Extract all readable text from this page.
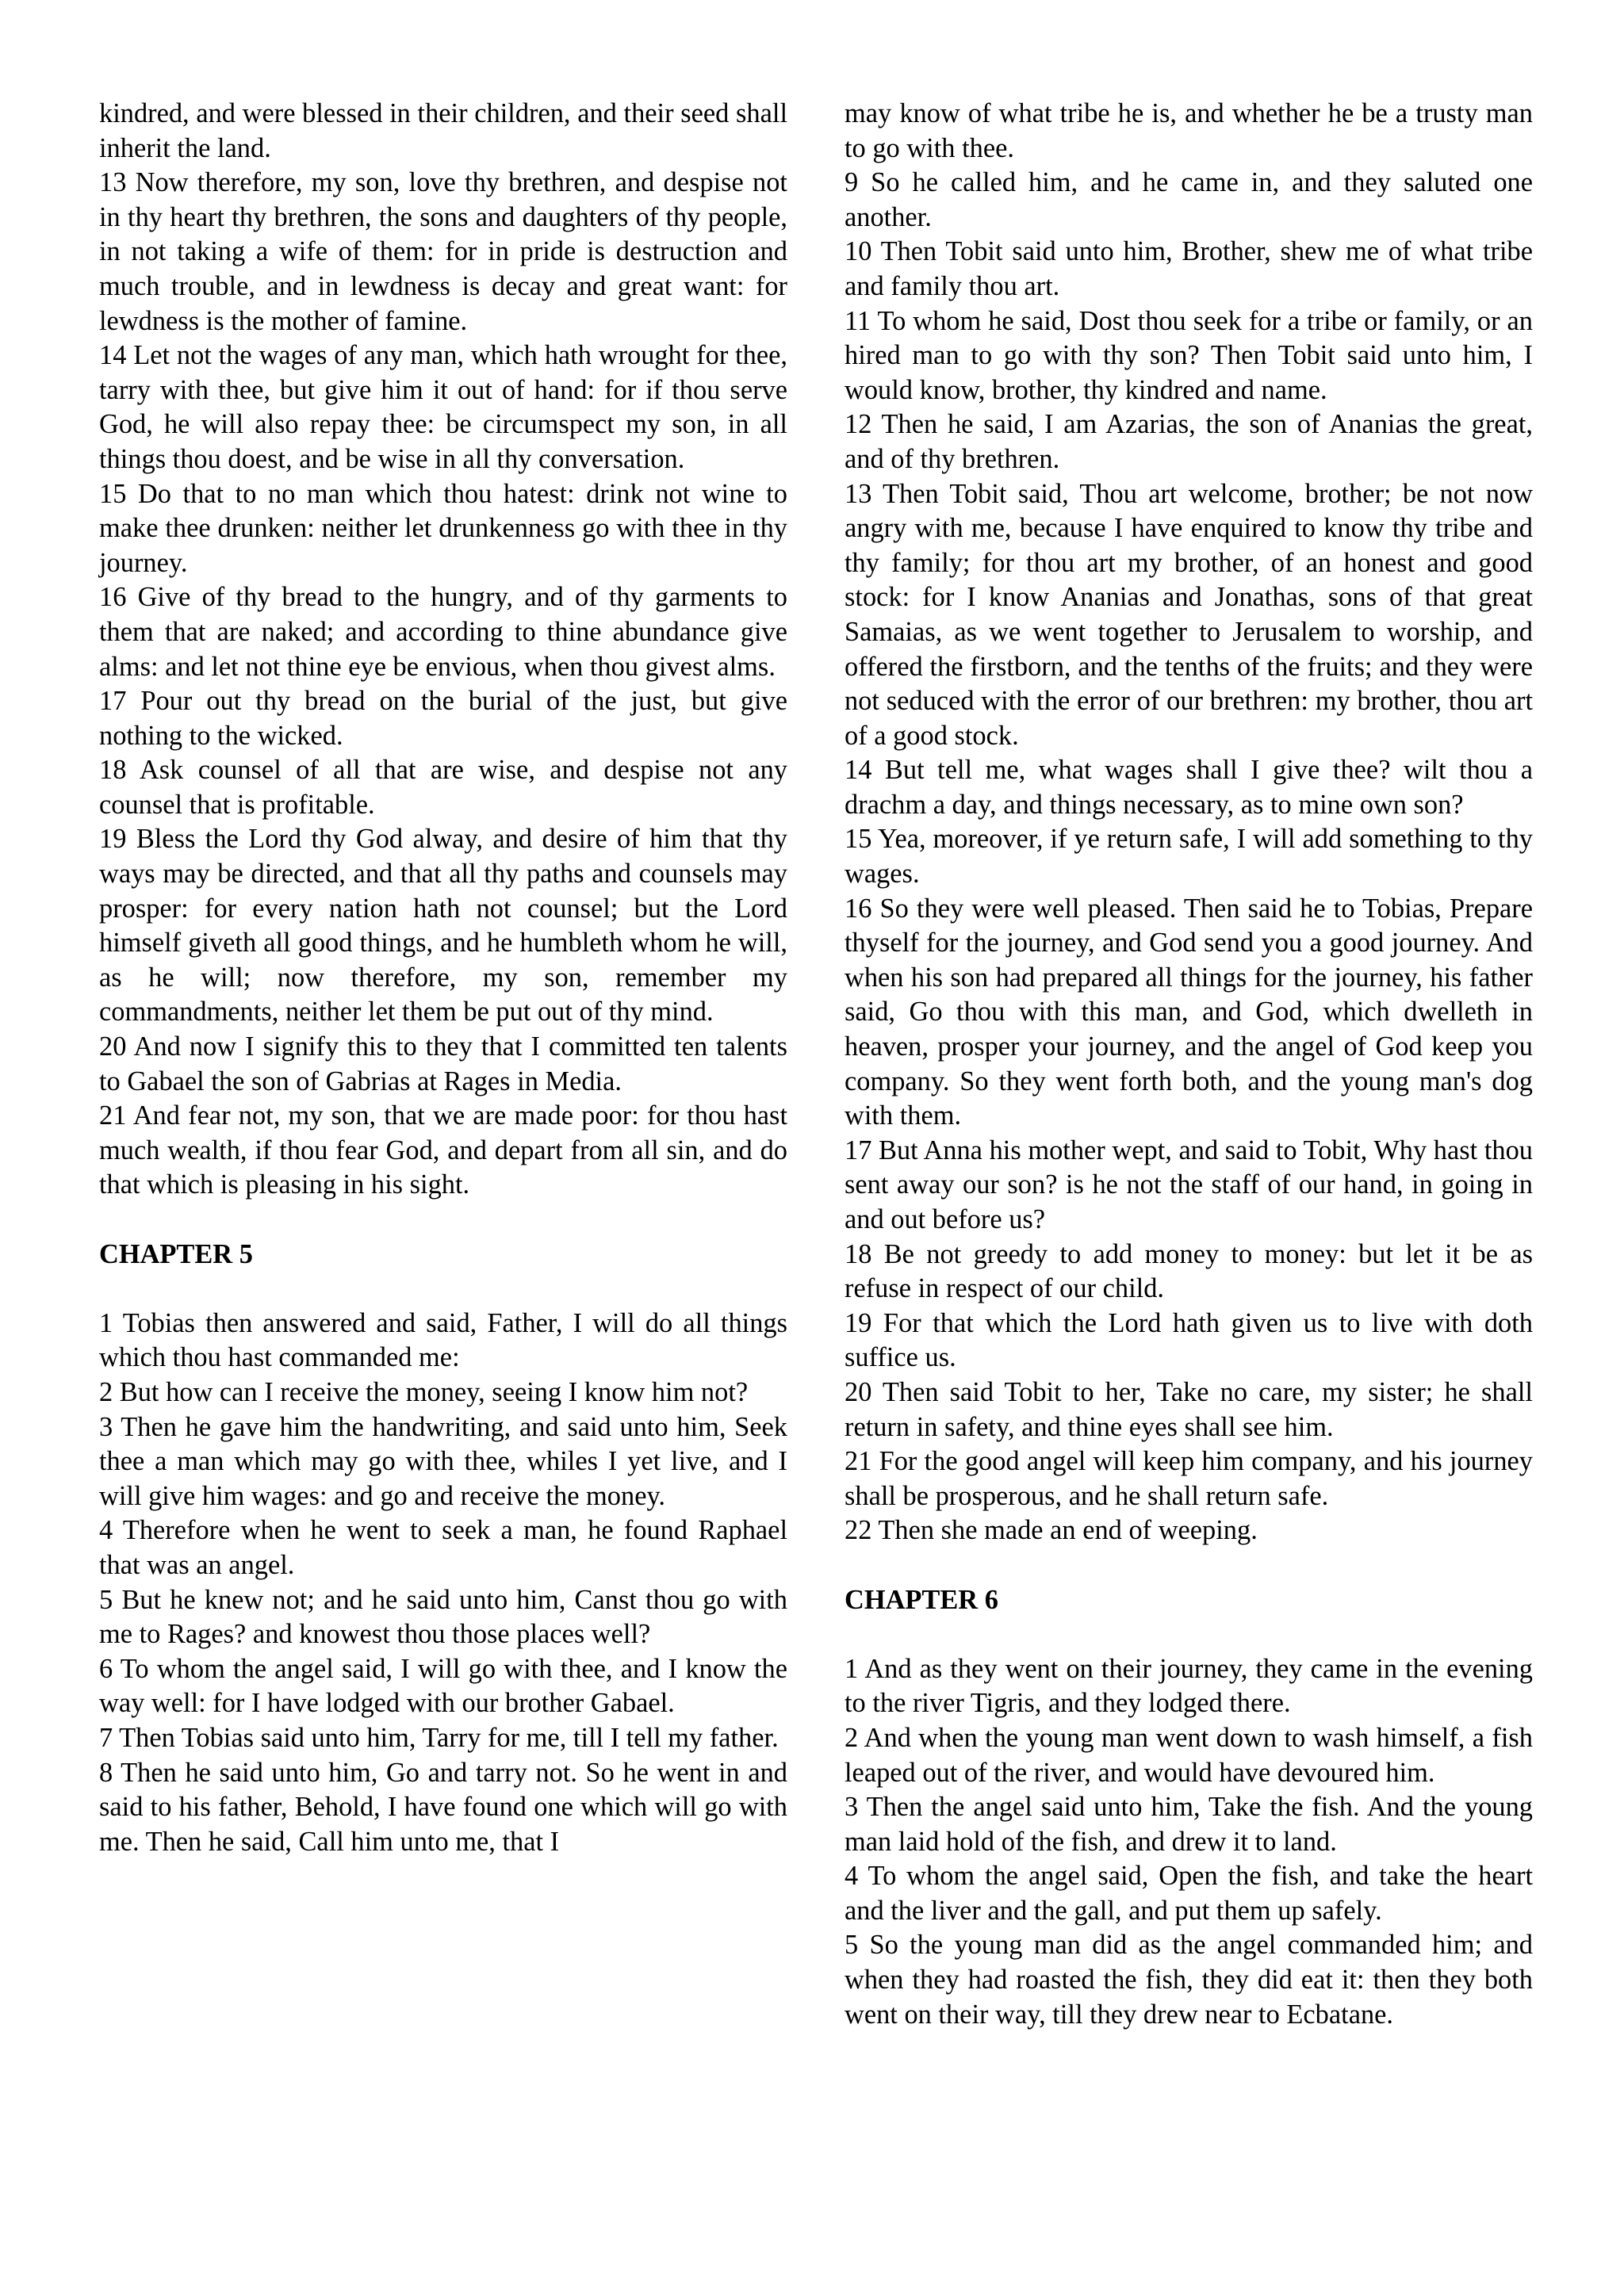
kindred, and were blessed in their children, and their seed shall inherit the land.

13 Now therefore, my son, love thy brethren, and despise not in thy heart thy brethren, the sons and daughters of thy people, in not taking a wife of them: for in pride is destruction and much trouble, and in lewdness is decay and great want: for lewdness is the mother of famine.

14 Let not the wages of any man, which hath wrought for thee, tarry with thee, but give him it out of hand: for if thou serve God, he will also repay thee: be circumspect my son, in all things thou doest, and be wise in all thy conversation.

15 Do that to no man which thou hatest: drink not wine to make thee drunken: neither let drunkenness go with thee in thy journey.

16 Give of thy bread to the hungry, and of thy garments to them that are naked; and according to thine abundance give alms: and let not thine eye be envious, when thou givest alms.

17 Pour out thy bread on the burial of the just, but give nothing to the wicked.

18 Ask counsel of all that are wise, and despise not any counsel that is profitable.

19 Bless the Lord thy God alway, and desire of him that thy ways may be directed, and that all thy paths and counsels may prosper: for every nation hath not counsel; but the Lord himself giveth all good things, and he humbleth whom he will, as he will; now therefore, my son, remember my commandments, neither let them be put out of thy mind.

20 And now I signify this to they that I committed ten talents to Gabael the son of Gabrias at Rages in Media.

21 And fear not, my son, that we are made poor: for thou hast much wealth, if thou fear God, and depart from all sin, and do that which is pleasing in his sight.

CHAPTER 5

1 Tobias then answered and said, Father, I will do all things which thou hast commanded me:

2 But how can I receive the money, seeing I know him not?

3 Then he gave him the handwriting, and said unto him, Seek thee a man which may go with thee, whiles I yet live, and I will give him wages: and go and receive the money.

4 Therefore when he went to seek a man, he found Raphael that was an angel.

5 But he knew not; and he said unto him, Canst thou go with me to Rages? and knowest thou those places well?

6 To whom the angel said, I will go with thee, and I know the way well: for I have lodged with our brother Gabael.

7 Then Tobias said unto him, Tarry for me, till I tell my father.

8 Then he said unto him, Go and tarry not. So he went in and said to his father, Behold, I have found one which will go with me. Then he said, Call him unto me, that I

may know of what tribe he is, and whether he be a trusty man to go with thee.

9 So he called him, and he came in, and they saluted one another.

10 Then Tobit said unto him, Brother, shew me of what tribe and family thou art.

11 To whom he said, Dost thou seek for a tribe or family, or an hired man to go with thy son? Then Tobit said unto him, I would know, brother, thy kindred and name.

12 Then he said, I am Azarias, the son of Ananias the great, and of thy brethren.

13 Then Tobit said, Thou art welcome, brother; be not now angry with me, because I have enquired to know thy tribe and thy family; for thou art my brother, of an honest and good stock: for I know Ananias and Jonathas, sons of that great Samaias, as we went together to Jerusalem to worship, and offered the firstborn, and the tenths of the fruits; and they were not seduced with the error of our brethren: my brother, thou art of a good stock.

14 But tell me, what wages shall I give thee? wilt thou a drachm a day, and things necessary, as to mine own son?

15 Yea, moreover, if ye return safe, I will add something to thy wages.

16 So they were well pleased. Then said he to Tobias, Prepare thyself for the journey, and God send you a good journey. And when his son had prepared all things for the journey, his father said, Go thou with this man, and God, which dwelleth in heaven, prosper your journey, and the angel of God keep you company. So they went forth both, and the young man's dog with them.

17 But Anna his mother wept, and said to Tobit, Why hast thou sent away our son? is he not the staff of our hand, in going in and out before us?

18 Be not greedy to add money to money: but let it be as refuse in respect of our child.

19 For that which the Lord hath given us to live with doth suffice us.

20 Then said Tobit to her, Take no care, my sister; he shall return in safety, and thine eyes shall see him.

21 For the good angel will keep him company, and his journey shall be prosperous, and he shall return safe.

22 Then she made an end of weeping.

CHAPTER 6

1 And as they went on their journey, they came in the evening to the river Tigris, and they lodged there.

2 And when the young man went down to wash himself, a fish leaped out of the river, and would have devoured him.

3 Then the angel said unto him, Take the fish. And the young man laid hold of the fish, and drew it to land.

4 To whom the angel said, Open the fish, and take the heart and the liver and the gall, and put them up safely.

5 So the young man did as the angel commanded him; and when they had roasted the fish, they did eat it: then they both went on their way, till they drew near to Ecbatane.
